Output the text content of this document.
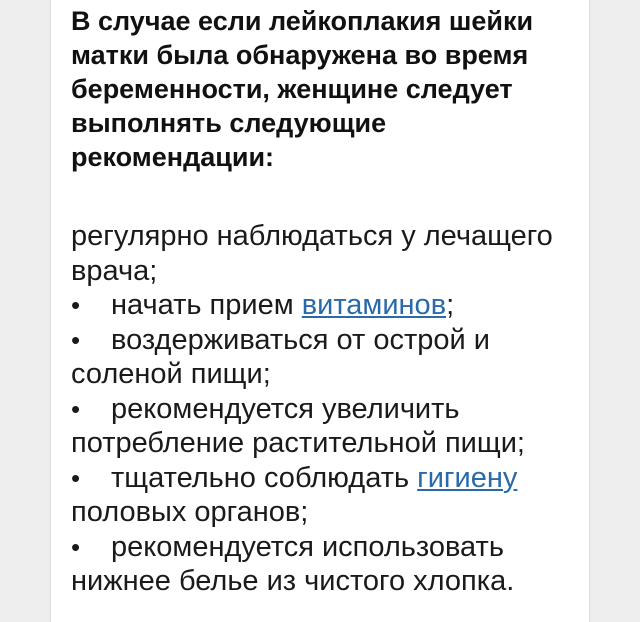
В случае если лейкоплакия шейки матки была обнаружена во время беременности, женщине следует выполнять следующие рекомендации:

регулярно наблюдаться у лечащего врача;

• начать прием витаминов;

• воздерживаться от острой и соленой пищи;

• рекомендуется увеличить потребление растительной пищи;

• тщательно соблюдать гигиену половых органов;

• рекомендуется использовать нижнее белье из чистого хлопка.
